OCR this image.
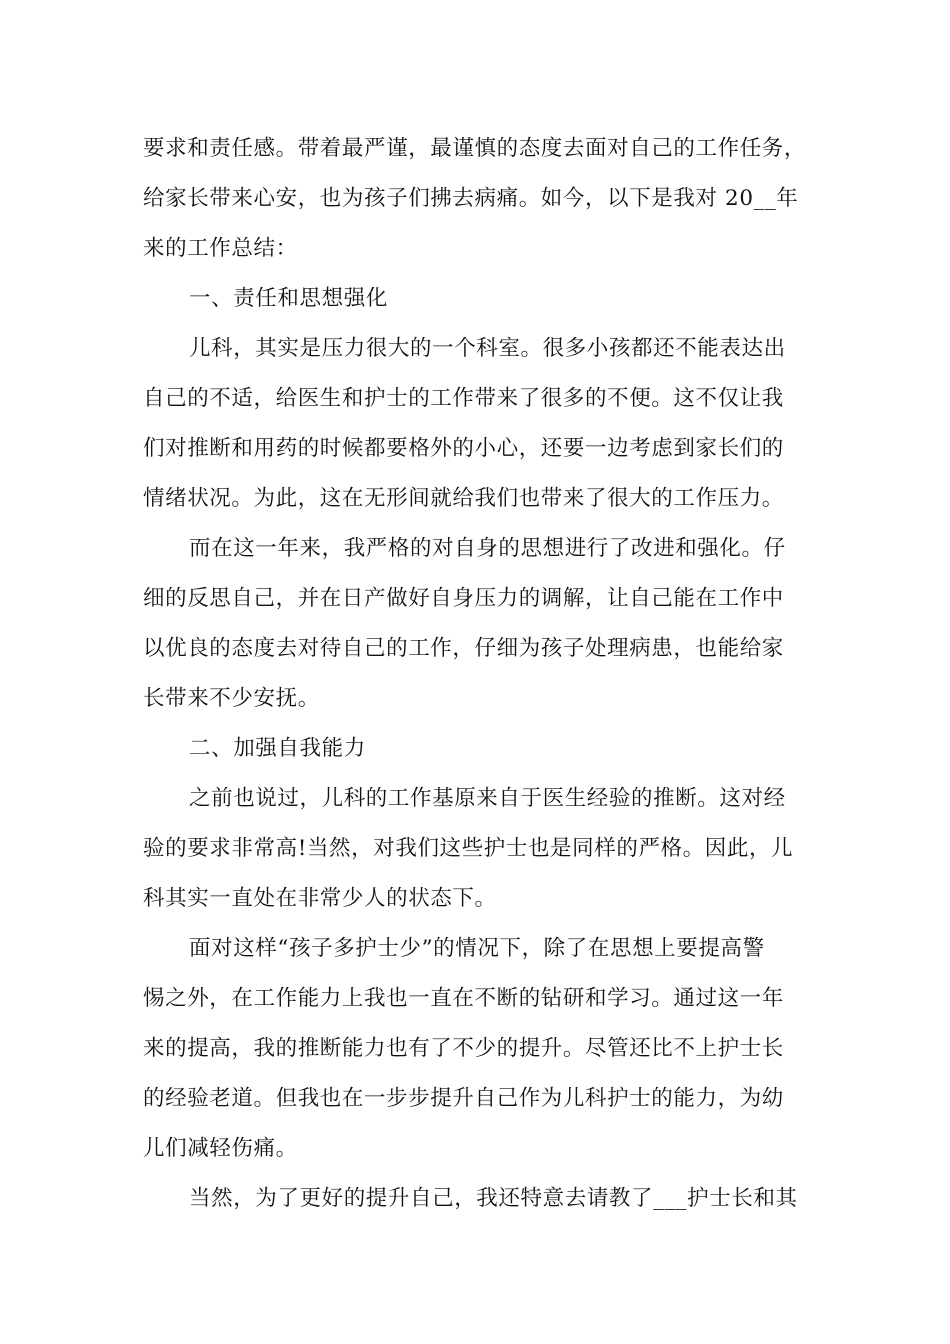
要求和责任感。带着最严谨，最谨慎的态度去面对自己的工作任务，
给家长带来心安，也为孩子们拂去病痛。如今，以下是我对 20__年
来的工作总结：
一、责任和思想强化
儿科，其实是压力很大的一个科室。很多小孩都还不能表达出
自己的不适，给医生和护士的工作带来了很多的不便。这不仅让我
们对推断和用药的时候都要格外的小心，还要一边考虑到家长们的
情绪状况。为此，这在无形间就给我们也带来了很大的工作压力。
而在这一年来，我严格的对自身的思想进行了改进和强化。仔
细的反思自己，并在日产做好自身压力的调解，让自己能在工作中
以优良的态度去对待自己的工作，仔细为孩子处理病患，也能给家
长带来不少安抚。
二、加强自我能力
之前也说过，儿科的工作基原来自于医生经验的推断。这对经
验的要求非常高!当然，对我们这些护士也是同样的严格。因此，儿
科其实一直处在非常少人的状态下。
面对这样“孩子多护士少”的情况下，除了在思想上要提高警
惕之外，在工作能力上我也一直在不断的钻研和学习。通过这一年
来的提高，我的推断能力也有了不少的提升。尽管还比不上护士长
的经验老道。但我也在一步步提升自己作为儿科护士的能力，为幼
儿们减轻伤痛。
当然，为了更好的提升自己，我还特意去请教了___护士长和其
